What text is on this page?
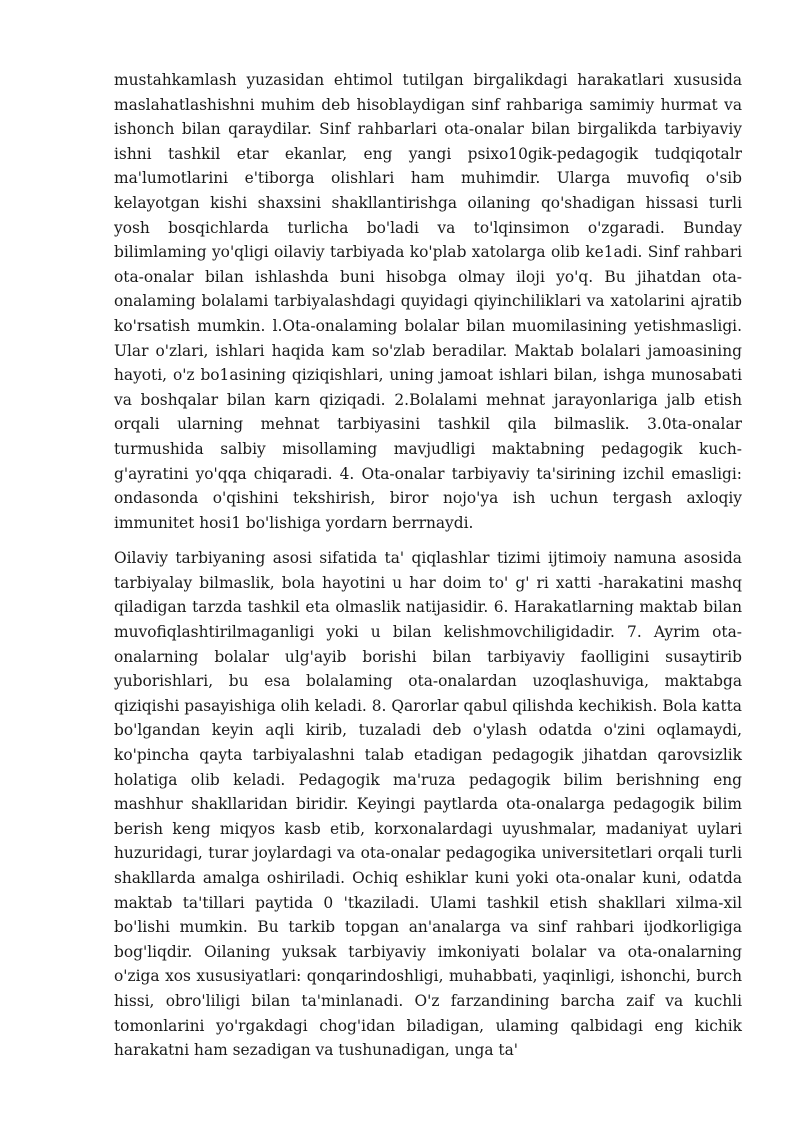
mustahkamlash yuzasidan ehtimol tutilgan birgalikdagi harakatlari xususida maslahatlashishni muhim deb hisoblaydigan sinf rahbariga samimiy hurmat va ishonch bilan qaraydilar. Sinf rahbarlari ota-onalar bilan birgalikda tarbiyaviy ishni tashkil etar ekanlar, eng yangi psixo10gik-pedagogik tudqiqotalr ma'lumotlarini e'tiborga olishlari ham muhimdir. Ularga muvofiq o'sib kelayotgan kishi shaxsini shakllantirishga oilaning qo'shadigan hissasi turli yosh bosqichlarda turlicha bo'ladi va to'lqinsimon o'zgaradi. Bunday bilimlaming yo'qligi oilaviy tarbiyada ko'plab xatolarga olib ke1adi. Sinf rahbari ota-onalar bilan ishlashda buni hisobga olmay iloji yo'q. Bu jihatdan ota-onalaming bolalami tarbiyalashdagi quyidagi qiyinchiliklari va xatolarini ajratib ko'rsatish mumkin. l.Ota-onalaming bolalar bilan muomilasining yetishmasligi. Ular o'zlari, ishlari haqida kam so'zlab beradilar. Maktab bolalari jamoasining hayoti, o'z bo1asining qiziqishlari, uning jamoat ishlari bilan, ishga munosabati va boshqalar bilan karn qiziqadi. 2.Bolalami mehnat jarayonlariga jalb etish orqali ularning mehnat tarbiyasini tashkil qila bilmaslik. 3.0ta-onalar turmushida salbiy misollaming mavjudligi maktabning pedagogik kuch-g'ayratini yo'qqa chiqaradi. 4. Ota-onalar tarbiyaviy ta'sirining izchil emasligi: ondasonda o'qishini tekshirish, biror nojo'ya ish uchun tergash axloqiy immunitet hosi1 bo'lishiga yordarn berrnaydi.

Oilaviy tarbiyaning asosi sifatida ta' qiqlashlar tizimi ijtimoiy namuna asosida tarbiyalay bilmaslik, bola hayotini u har doim to' g' ri xatti -harakatini mashq qiladigan tarzda tashkil eta olmaslik natijasidir. 6. Harakatlarning maktab bilan muvofiqlashtirilmaganligi yoki u bilan kelishmovchiligidadir. 7. Ayrim ota-onalarning bolalar ulg'ayib borishi bilan tarbiyaviy faolligini susaytirib yuborishlari, bu esa bolalaming ota-onalardan uzoqlashuviga, maktabga qiziqishi pasayishiga olih keladi. 8. Qarorlar qabul qilishda kechikish. Bola katta bo'lgandan keyin aqli kirib, tuzaladi deb o'ylash odatda o'zini oqlamaydi, ko'pincha qayta tarbiyalashni talab etadigan pedagogik jihatdan qarovsizlik holatiga olib keladi. Pedagogik ma'ruza pedagogik bilim berishning eng mashhur shakllaridan biridir. Keyingi paytlarda ota-onalarga pedagogik bilim berish keng miqyos kasb etib, korxonalardagi uyushmalar, madaniyat uylari huzuridagi, turar joylardagi va ota-onalar pedagogika universitetlari orqali turli shakllarda amalga oshiriladi. Ochiq eshiklar kuni yoki ota-onalar kuni, odatda maktab ta'tillari paytida 0 'tkaziladi. Ulami tashkil etish shakllari xilma-xil bo'lishi mumkin. Bu tarkib topgan an'analarga va sinf rahbari ijodkorligiga bog'liqdir. Oilaning yuksak tarbiyaviy imkoniyati bolalar va ota-onalarning o'ziga xos xususiyatlari: qonqarindoshligi, muhabbati, yaqinligi, ishonchi, burch hissi, obro'liligi bilan ta'minlanadi. O'z farzandining barcha zaif va kuchli tomonlarini yo'rgakdagi chog'idan biladigan, ulaming qalbidagi eng kichik harakatni ham sezadigan va tushunadigan, unga ta'
